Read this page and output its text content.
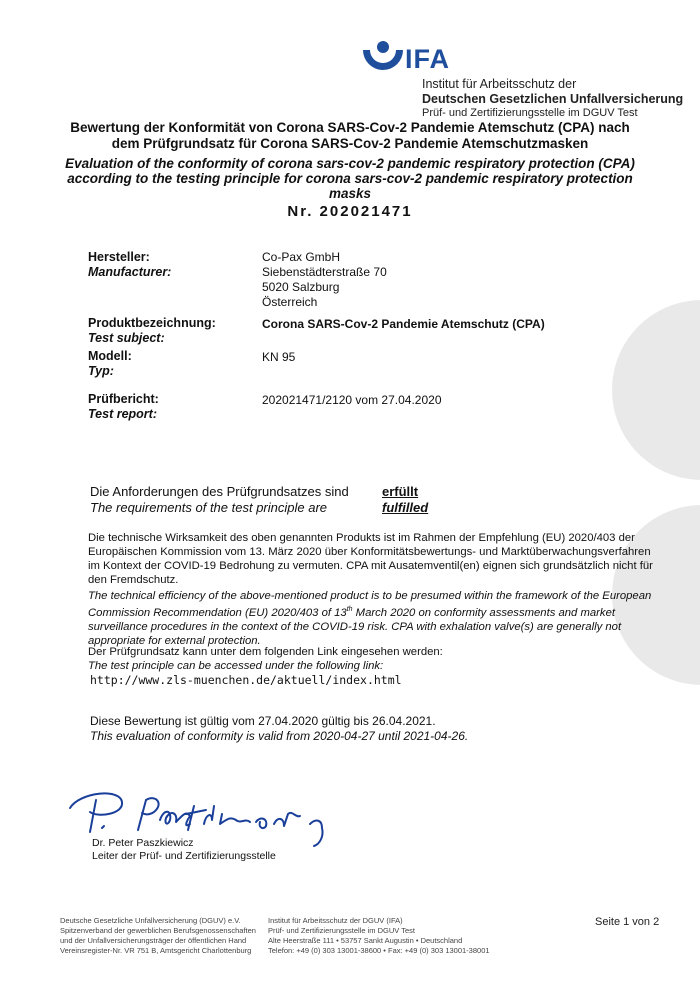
IFA
Institut für Arbeitsschutz der
Deutschen Gesetzlichen Unfallversicherung
Prüf- und Zertifizierungsstelle im DGUV Test
Bewertung der Konformität von Corona SARS-Cov-2 Pandemie Atemschutz (CPA) nach
dem Prüfgrundsatz für Corona SARS-Cov-2 Pandemie Atemschutzmasken
Evaluation of the conformity of corona sars-cov-2 pandemic respiratory protection (CPA)
according to the testing principle for corona sars-cov-2 pandemic respiratory protection
masks
Nr. 202021471
Hersteller:
Manufacturer:
Co-Pax GmbH
Siebenstädterstraße 70
5020 Salzburg
Österreich
Produktbezeichnung:
Test subject:
Corona SARS-Cov-2 Pandemie Atemschutz (CPA)
Modell:
Typ:
KN 95
Prüfbericht:
Test report:
202021471/2120 vom 27.04.2020
Die Anforderungen des Prüfgrundsatzes sind
The requirements of the test principle are
erfüllt
fulfilled
Die technische Wirksamkeit des oben genannten Produkts ist im Rahmen der Empfehlung (EU) 2020/403 der Europäischen Kommission vom 13. März 2020 über Konformitätsbewertungs- und Marktüberwachungsverfahren im Kontext der COVID-19 Bedrohung zu vermuten. CPA mit Ausatemventil(en) eignen sich grundsätzlich nicht für den Fremdschutz.
The technical efficiency of the above-mentioned product is to be presumed within the framework of the European Commission Recommendation (EU) 2020/403 of 13th March 2020 on conformity assessments and market surveillance procedures in the context of the COVID-19 risk. CPA with exhalation valve(s) are generally not appropriate for external protection.
Der Prüfgrundsatz kann unter dem folgenden Link eingesehen werden:
The test principle can be accessed under the following link:
http://www.zls-muenchen.de/aktuell/index.html
Diese Bewertung ist gültig vom 27.04.2020 gültig bis 26.04.2021.
This evaluation of conformity is valid from 2020-04-27 until 2021-04-26.
Dr. Peter Paszkiewicz
Leiter der Prüf- und Zertifizierungsstelle
Deutsche Gesetzliche Unfallversicherung (DGUV) e.V.
Spitzenverband der gewerblichen Berufsgenossenschaften
und der Unfallversicherungsträger der öffentlichen Hand
Vereinsregister-Nr. VR 751 B, Amtsgericht Charlottenburg
Institut für Arbeitsschutz der DGUV (IFA)
Prüf- und Zertifizierungsstelle im DGUV Test
Alte Heerstraße 111 • 53757 Sankt Augustin • Deutschland
Telefon: +49 (0) 303 13001-38600 • Fax: +49 (0) 303 13001-38001
Seite 1 von 2
